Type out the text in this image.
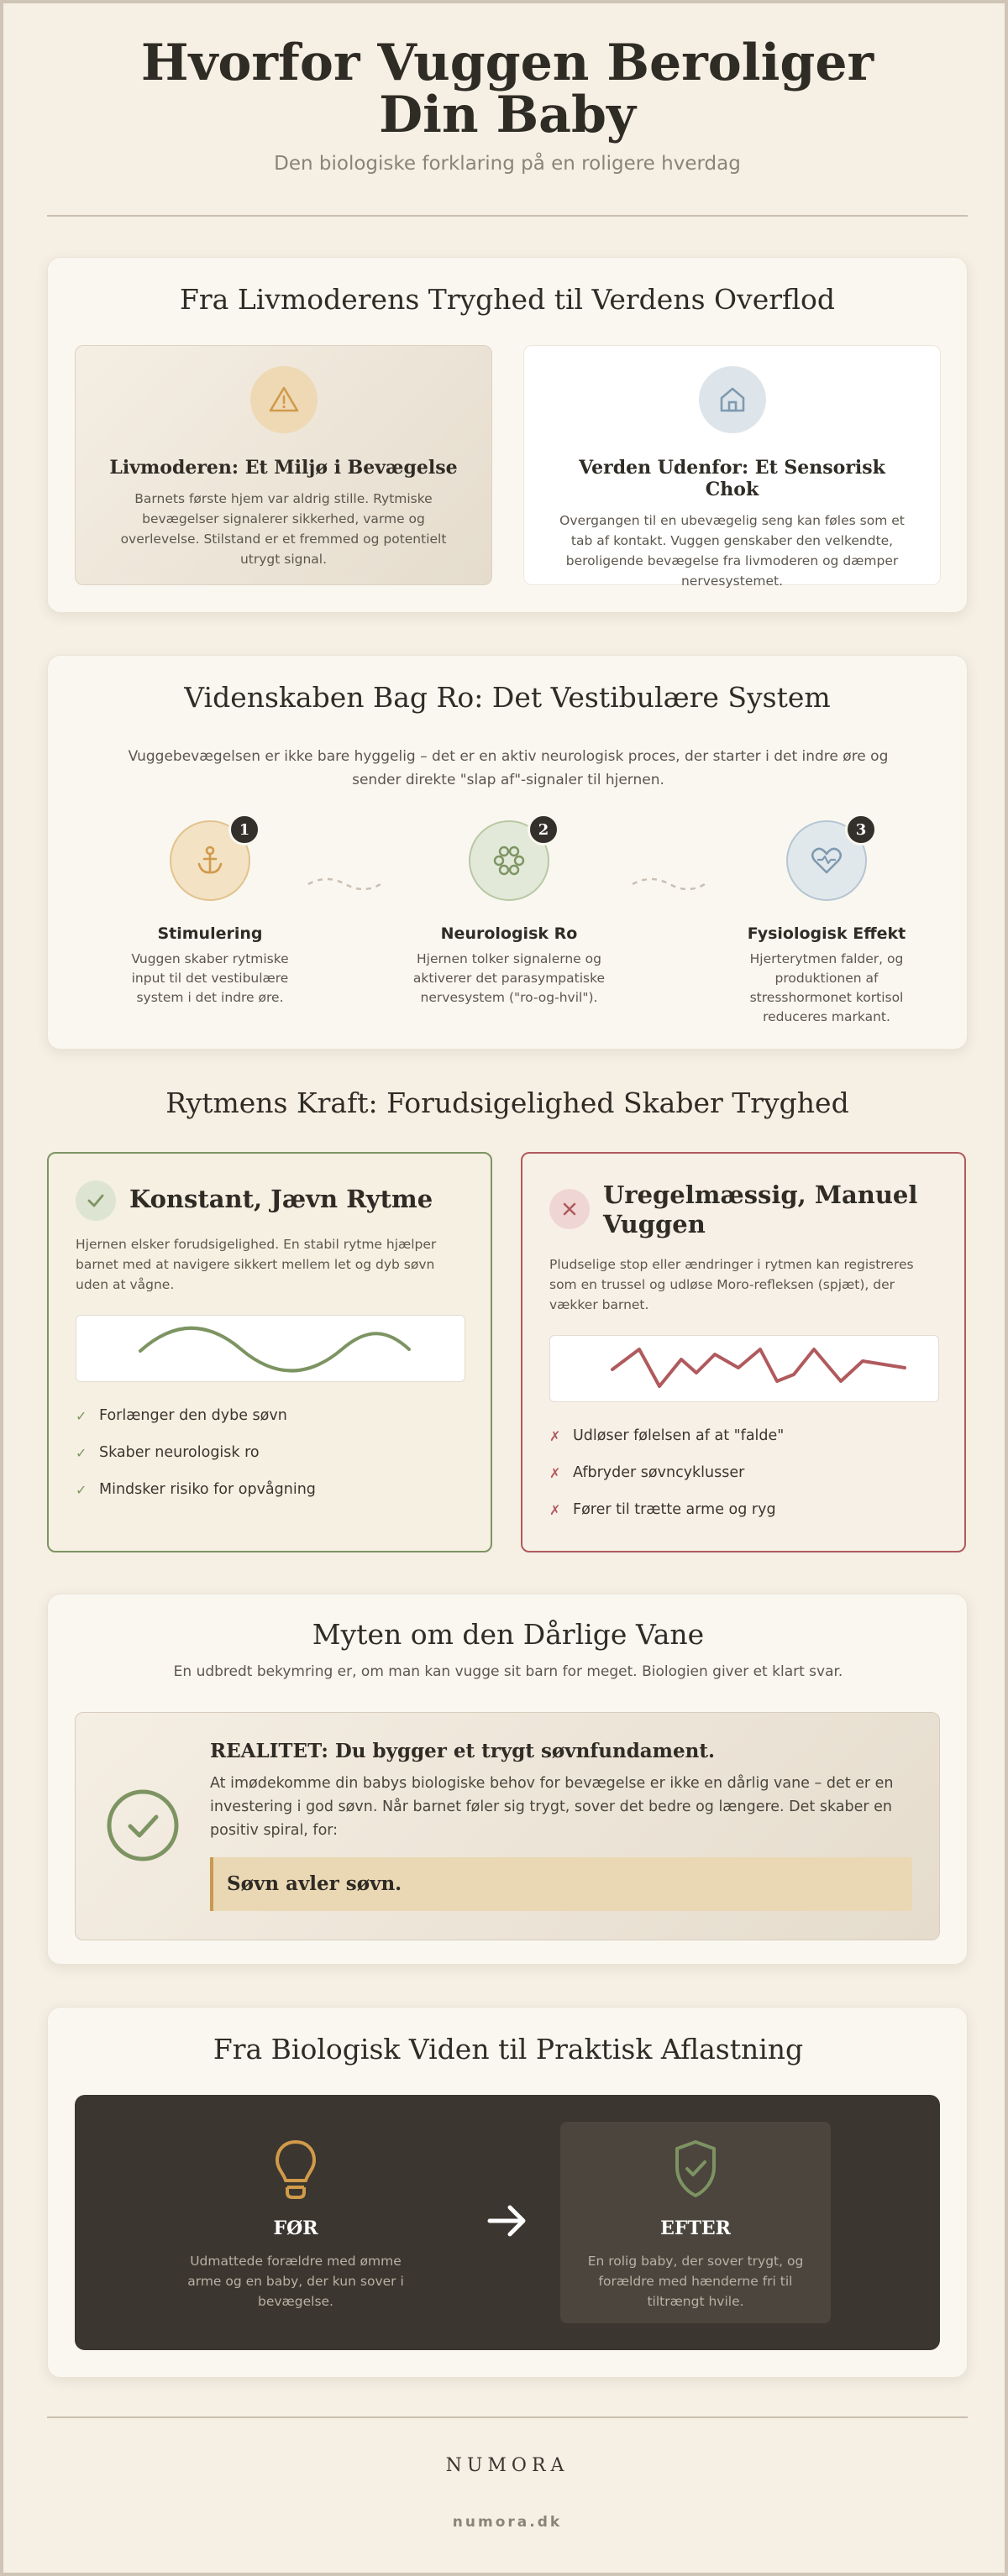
Hvorfor Vuggen Beroliger Din Baby
Den biologiske forklaring på en roligere hverdag
Fra Livmoderens Tryghed til Verdens Overflod
Livmoderen: Et Miljø i Bevægelse
Barnets første hjem var aldrig stille. Rytmiske bevægelser signalerer sikkerhed, varme og overlevelse. Stilstand er et fremmed og potentielt utrygt signal.
Verden Udenfor: Et Sensorisk Chok
Overgangen til en ubevægelig seng kan føles som et tab af kontakt. Vuggen genskaber den velkendte, beroligende bevægelse fra livmoderen og dæmper nervesystemet.
Videnskaben Bag Ro: Det Vestibulære System
Vuggebevægelsen er ikke bare hyggelig – det er en aktiv neurologisk proces, der starter i det indre øre og sender direkte "slap af"-signaler til hjernen.
1
Stimulering
Vuggen skaber rytmiske input til det vestibulære system i det indre øre.
2
Neurologisk Ro
Hjernen tolker signalerne og aktiverer det parasympatiske nervesystem ("ro-og-hvil").
3
Fysiologisk Effekt
Hjerterytmen falder, og produktionen af stresshormonet kortisol reduceres markant.
Rytmens Kraft: Forudsigelighed Skaber Tryghed
Konstant, Jævn Rytme
Hjernen elsker forudsigelighed. En stabil rytme hjælper barnet med at navigere sikkert mellem let og dyb søvn uden at vågne.
✓ Forlænger den dybe søvn
✓ Skaber neurologisk ro
✓ Mindsker risiko for opvågning
Uregelmæssig, Manuel Vuggen
Pludselige stop eller ændringer i rytmen kan registreres som en trussel og udløse Moro-refleksen (spjæt), der vækker barnet.
✗ Udløser følelsen af at "falde"
✗ Afbryder søvncyklusser
✗ Fører til trætte arme og ryg
Myten om den Dårlige Vane
En udbredt bekymring er, om man kan vugge sit barn for meget. Biologien giver et klart svar.
REALITET: Du bygger et trygt søvnfundament.
At imødekomme din babys biologiske behov for bevægelse er ikke en dårlig vane – det er en investering i god søvn. Når barnet føler sig trygt, sover det bedre og længere. Det skaber en positiv spiral, for:
Søvn avler søvn.
Fra Biologisk Viden til Praktisk Aflastning
FØR
Udmattede forældre med ømme arme og en baby, der kun sover i bevægelse.
EFTER
En rolig baby, der sover trygt, og forældre med hænderne fri til tiltrængt hvile.
NUMORA
numora.dk
